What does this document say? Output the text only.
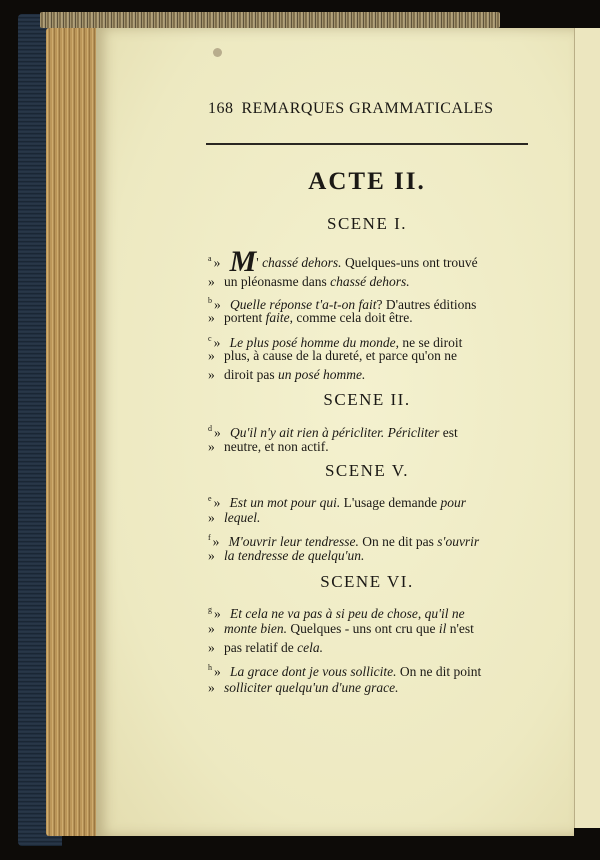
168 REMARQUES GRAMMATICALES
ACTE II.
SCENE I.
$^a$ » M' chassé dehors. Quelques-uns ont trouvé
» un pléonasme dans chassé dehors.
$^b$ » Quelle réponse t'a-t-on fait? D'autres éditions
» portent faite, comme cela doit être.
$^c$ » Le plus posé homme du monde, ne se diroit
» plus, à cause de la dureté, et parce qu'on ne
» diroit pas un posé homme.
SCENE II.
$^d$ » Qu'il n'y ait rien à péricliter. Péricliter est
» neutre, et non actif.
SCENE V.
$^e$ » Est un mot pour qui. L'usage demande pour
» lequel.
$^f$ » M'ouvrir leur tendresse. On ne dit pas s'ouvrir
» la tendresse de quelqu'un.
SCENE VI.
$^g$ » Et cela ne va pas à si peu de chose, qu'il ne
» monte bien. Quelques - uns ont cru que il n'est
» pas relatif de cela.
$^h$ » La grace dont je vous sollicite. On ne dit point
» solliciter quelqu'un d'une grace.
